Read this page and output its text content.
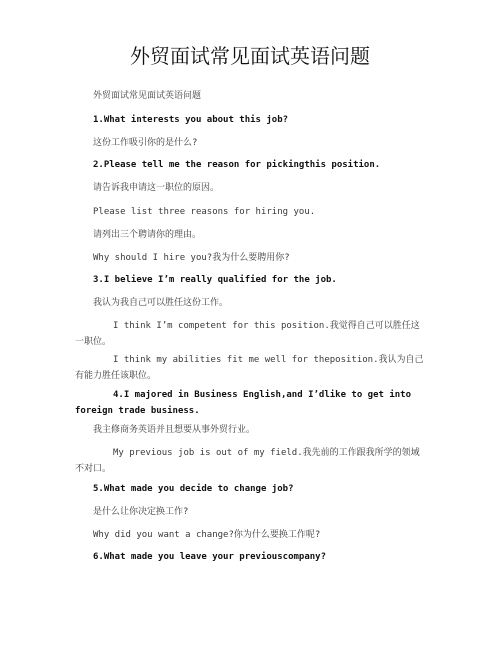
外贸面试常见面试英语问题
外贸面试常见面试英语问题
1.What interests you about this job?
这份工作吸引你的是什么?
2.Please tell me the reason for pickingthis position.
请告诉我申请这一职位的原因。
Please list three reasons for hiring you.
请列出三个聘请你的理由。
Why should I hire you?我为什么要聘用你?
3.I believe I’m really qualified for the job.
我认为我自己可以胜任这份工作。
I think I’m competent for this position.我觉得自己可以胜任这一职位。
I think my abilities fit me well for theposition.我认为自己有能力胜任该职位。
4.I majored in Business English,and I’dlike to get into foreign trade business.
我主修商务英语并且想要从事外贸行业。
My previous job is out of my field.我先前的工作跟我所学的领域不对口。
5.What made you decide to change job?
是什么让你决定换工作?
Why did you want a change?你为什么要换工作呢?
6.What made you leave your previouscompany?
